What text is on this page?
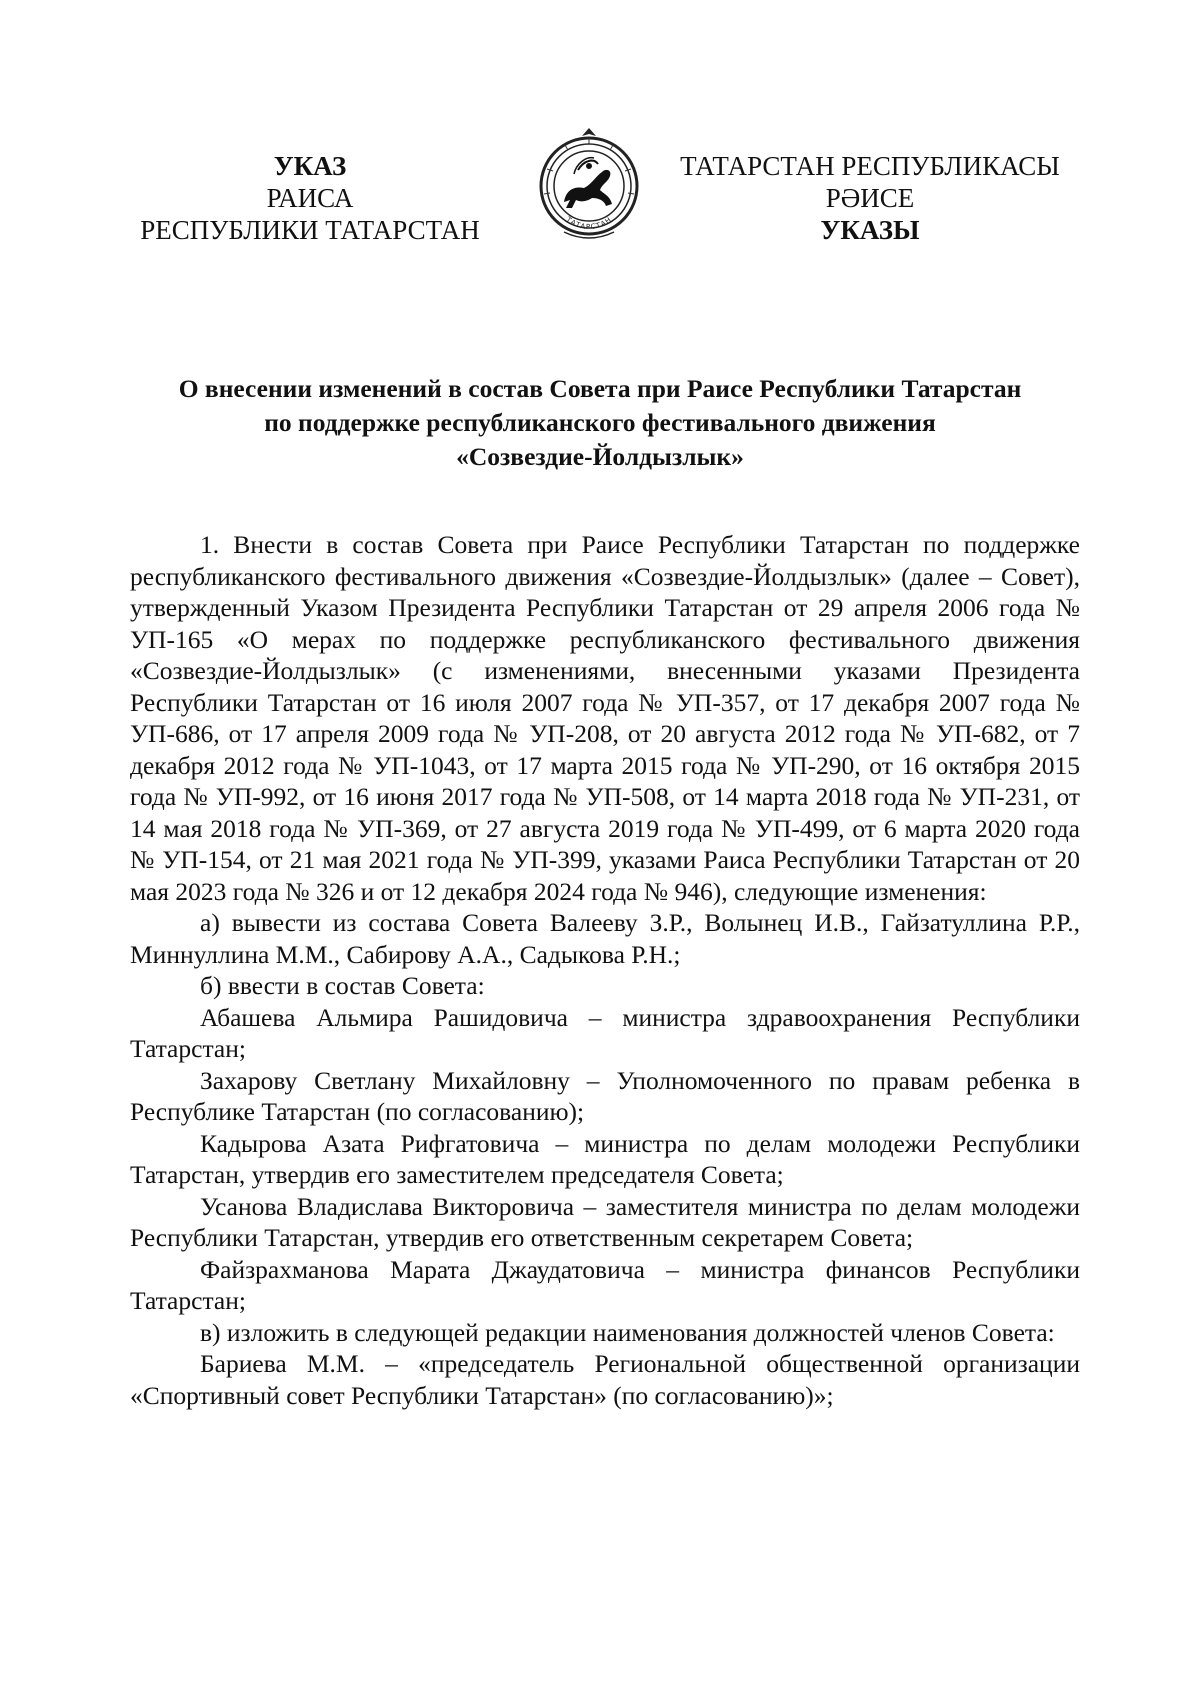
УКАЗ
РАИСА
РЕСПУБЛИКИ ТАТАРСТАН	ТАТАРСТАН
ТАТАРСТАН РЕСПУБЛИКАСЫ
РӘИСЕ
УКАЗЫ
О внесении изменений в состав Совета при Раисе Республики Татарстан
по поддержке республиканского фестивального движения
«Созвездие-Йолдызлык»

1. Внести в состав Совета при Раисе Республики Татарстан по поддержке республиканского фестивального движения «Созвездие-Йолдызлык» (далее – Совет), утвержденный Указом Президента Республики Татарстан от 29 апреля 2006 года № УП-165 «О мерах по поддержке республиканского фестивального движения «Созвездие-Йолдызлык» (с изменениями, внесенными указами Президента Республики Татарстан от 16 июля 2007 года № УП-357, от 17 декабря 2007 года № УП-686, от 17 апреля 2009 года № УП-208, от 20 августа 2012 года № УП-682, от 7 декабря 2012 года № УП-1043, от 17 марта 2015 года № УП-290, от 16 октября 2015 года № УП-992, от 16 июня 2017 года № УП-508, от 14 марта 2018 года № УП-231, от 14 мая 2018 года № УП-369, от 27 августа 2019 года № УП-499, от 6 марта 2020 года № УП-154, от 21 мая 2021 года № УП-399, указами Раиса Республики Татарстан от 20 мая 2023 года № 326 и от 12 декабря 2024 года № 946), следующие изменения:

а) вывести из состава Совета Валееву З.Р., Волынец И.В., Гайзатуллина Р.Р., Миннуллина М.М., Сабирову А.А., Садыкова Р.Н.;

б) ввести в состав Совета:

Абашева Альмира Рашидовича – министра здравоохранения Республики Татарстан;

Захарову Светлану Михайловну – Уполномоченного по правам ребенка в Республике Татарстан (по согласованию);

Кадырова Азата Рифгатовича – министра по делам молодежи Республики Татарстан, утвердив его заместителем председателя Совета;

Усанова Владислава Викторовича – заместителя министра по делам молодежи Республики Татарстан, утвердив его ответственным секретарем Совета;

Файзрахманова Марата Джаудатовича – министра финансов Республики Татарстан;

в) изложить в следующей редакции наименования должностей членов Совета:

Бариева М.М. – «председатель Региональной общественной организации «Спортивный совет Республики Татарстан» (по согласованию)»;
